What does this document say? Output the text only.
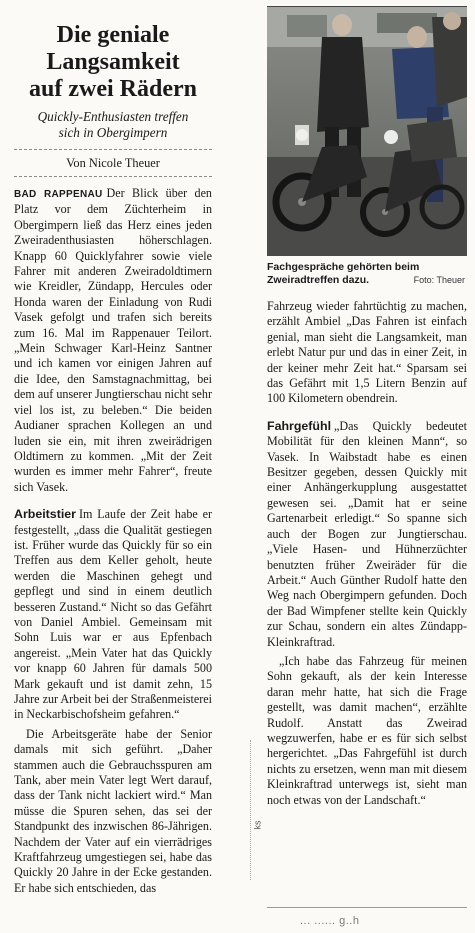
Die geniale
Langsamkeit
auf zwei Rädern
Quickly-Enthusiasten treffen
sich in Obergimpern
Von Nicole Theuer

BAD RAPPENAU Der Blick über den Platz vor dem Züchterheim in Obergimpern ließ das Herz eines jeden Zweiradenthusiasten höherschlagen. Knapp 60 Quicklyfahrer sowie viele Fahrer mit anderen Zweiradoldtimern wie Kreidler, Zündapp, Hercules oder Honda waren der Einladung von Rudi Vasek gefolgt und trafen sich bereits zum 16. Mal im Rappenauer Teilort. „Mein Schwager Karl-Heinz Santner und ich kamen vor einigen Jahren auf die Idee, den Samstagnachmittag, bei dem auf unserer Jungtierschau nicht sehr viel los ist, zu beleben.“ Die beiden Audianer sprachen Kollegen an und luden sie ein, mit ihren zweirädrigen Oldtimern zu kommen. „Mit der Zeit wurden es immer mehr Fahrer“, freute sich Vasek.

Arbeitstier Im Laufe der Zeit habe er festgestellt, „dass die Qualität gestiegen ist. Früher wurde das Quickly für so ein Treffen aus dem Keller geholt, heute werden die Maschinen gehegt und gepflegt und sind in einem deutlich besseren Zustand.“ Nicht so das Gefährt von Daniel Ambiel. Gemeinsam mit Sohn Luis war er aus Epfenbach angereist. „Mein Vater hat das Quickly vor knapp 60 Jahren für damals 500 Mark gekauft und ist damit zehn, 15 Jahre zur Arbeit bei der Straßenmeisterei in Neckarbischofsheim gefahren.“

Die Arbeitsgeräte habe der Senior damals mit sich geführt. „Daher stammen auch die Gebrauchsspuren am Tank, aber mein Vater legt Wert darauf, dass der Tank nicht lackiert wird.“ Man müsse die Spuren sehen, das sei der Standpunkt des inzwischen 86-Jährigen. Nachdem der Vater auf ein vierrädriges Kraftfahrzeug umgestiegen sei, habe das Quickly 20 Jahre in der Ecke gestanden. Er habe sich entschieden, das

Fachgespräche gehörten beim Zweiradtreffen dazu.	Foto: Theuer

Fahrzeug wieder fahrtüchtig zu machen, erzählt Ambiel „Das Fahren ist einfach genial, man sieht die Langsamkeit, man erlebt Natur pur und das in einer Zeit, in der keiner mehr Zeit hat.“ Sparsam sei das Gefährt mit 1,5 Litern Benzin auf 100 Kilometern obendrein.

Fahrgefühl „Das Quickly bedeutet Mobilität für den kleinen Mann“, so Vasek. In Waibstadt habe es einen Besitzer gegeben, dessen Quickly mit einer Anhängerkupplung ausgestattet gewesen sei. „Damit hat er seine Gartenarbeit erledigt.“ So spanne sich auch der Bogen zur Jungtierschau. „Viele Hasen- und Hühnerzüchter benutzten früher Zweiräder für die Arbeit.“ Auch Günther Rudolf hatte den Weg nach Obergimpern gefunden. Doch der Bad Wimpfener stellte kein Quickly zur Schau, sondern ein altes Zündapp-Kleinkraftrad.

„Ich habe das Fahrzeug für meinen Sohn gekauft, als der kein Interesse daran mehr hatte, hat sich die Frage gestellt, was damit machen“, erzählte Rudolf. Anstatt das Zweirad wegzuwerfen, habe er es für sich selbst hergerichtet. „Das Fahrgefühl ist durch nichts zu ersetzen, wenn man mit diesem Kleinkraftrad unterwegs ist, sieht man noch etwas von der Landschaft.“

ks
... ...... g..h
